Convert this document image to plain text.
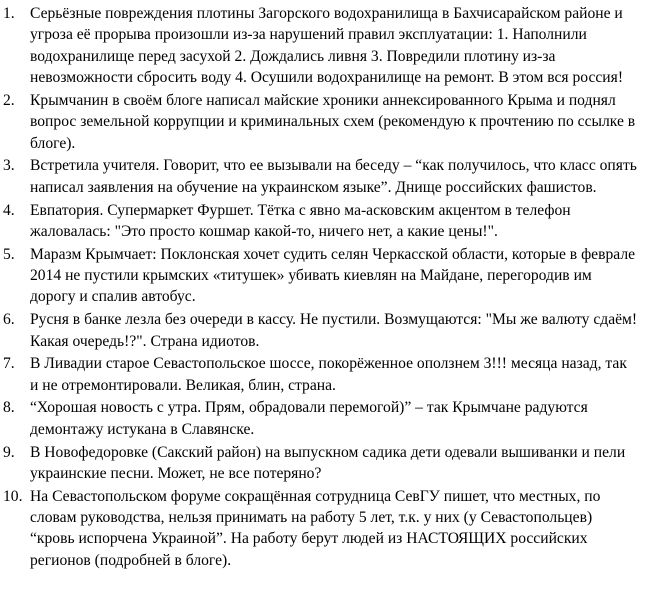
1. Серьёзные повреждения плотины Загорского водохранилища в Бахчисарайском районе и угроза её прорыва произошли из-за нарушений правил эксплуатации: 1. Наполнили водохранилище перед засухой 2. Дождались ливня 3. Повредили плотину из-за невозможности сбросить воду 4. Осушили водохранилище на ремонт. В этом вся россия!
2. Крымчанин в своём блоге написал майские хроники аннексированного Крыма и поднял вопрос земельной коррупции и криминальных схем (рекомендую к прочтению по ссылке в блоге).
3. Встретила учителя. Говорит, что ее вызывали на беседу – “как получилось, что класс опять написал заявления на обучение на украинском языке”. Днище российских фашистов.
4. Евпатория. Супермаркет Фуршет. Тётка с явно ма-асковским акцентом в телефон жаловалась: "Это просто кошмар какой-то, ничего нет, а какие цены!".
5. Маразм Крымчает: Поклонская хочет судить селян Черкасской области, которые в феврале 2014 не пустили крымских «титушек» убивать киевлян на Майдане, перегородив им дорогу и спалив автобус.
6. Русня в банке лезла без очереди в кассу. Не пустили. Возмущаются: "Мы же валюту сдаём! Какая очередь!?". Страна идиотов.
7. В Ливадии старое Севастопольское шоссе, покорёженное оползнем 3!!! месяца назад, так и не отремонтировали. Великая, блин, страна.
8. “Хорошая новость с утра. Прям, обрадовали перемогой)” – так Крымчане радуются демонтажу истукана в Славянске.
9. В Новофедоровке (Сакский район) на выпускном садика дети одевали вышиванки и пели украинские песни. Может, не все потеряно?
10. На Севастопольском форуме сокращённая сотрудница СевГУ пишет, что местных, по словам руководства, нельзя принимать на работу 5 лет, т.к. у них (у Севастопольцев) “кровь испорчена Украиной”. На работу берут людей из НАСТОЯЩИХ российских регионов (подробней в блоге).
